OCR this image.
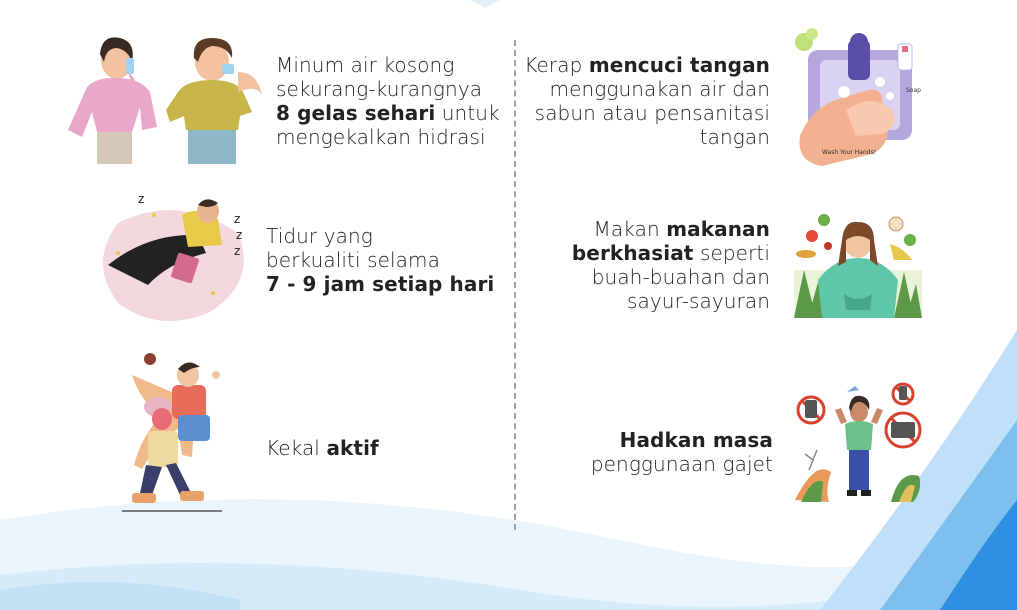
z
z
z
z
Wash Your Hands!
Soap
Minum air kosong
sekurang-kurangnya
8 gelas sehari untuk
mengekalkan hidrasi
Tidur yang
berkualiti selama
7 - 9 jam setiap hari
Kekal aktif
Kerap mencuci tangan
menggunakan air dan
sabun atau pensanitasi
tangan
Makan makanan
berkhasiat seperti
buah-buahan dan
sayur-sayuran
Hadkan masa
penggunaan gajet
